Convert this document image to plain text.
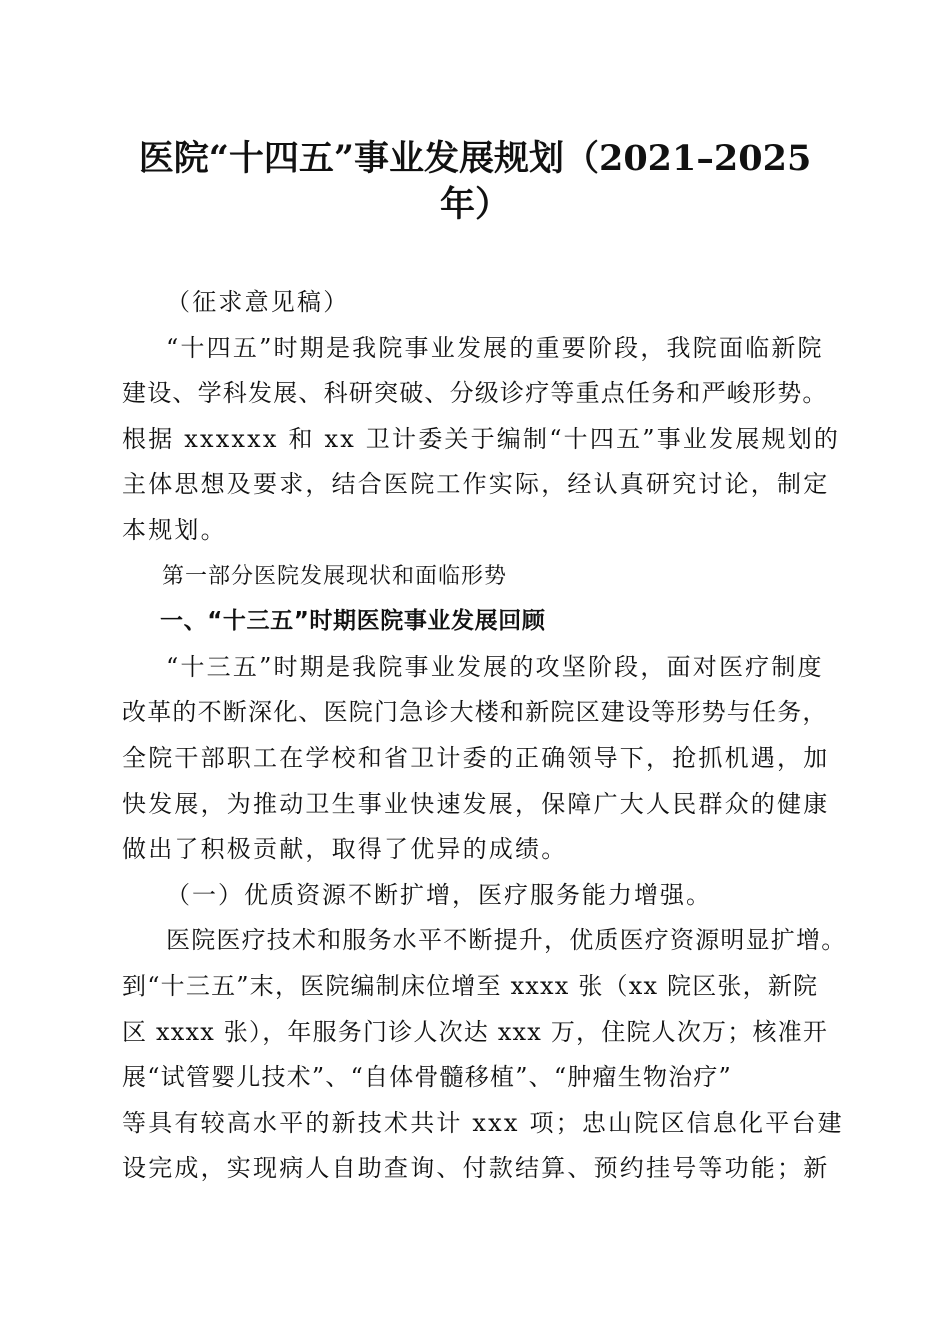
医院“十四五”事业发展规划（2021–2025
年）

（征求意见稿）

“十四五”时期是我院事业发展的重要阶段，我院面临新院

建设、学科发展、科研突破、分级诊疗等重点任务和严峻形势。

根据 xxxxxx 和 xx 卫计委关于编制“十四五”事业发展规划的

主体思想及要求，结合医院工作实际，经认真研究讨论，制定

本规划。

第一部分医院发展现状和面临形势

一、“十三五”时期医院事业发展回顾

“十三五”时期是我院事业发展的攻坚阶段，面对医疗制度

改革的不断深化、医院门急诊大楼和新院区建设等形势与任务，

全院干部职工在学校和省卫计委的正确领导下，抢抓机遇，加

快发展，为推动卫生事业快速发展，保障广大人民群众的健康

做出了积极贡献，取得了优异的成绩。

（一）优质资源不断扩增，医疗服务能力增强。

医院医疗技术和服务水平不断提升，优质医疗资源明显扩增。

到“十三五”末，医院编制床位增至 xxxx 张（xx 院区张，新院

区 xxxx 张），年服务门诊人次达 xxx 万，住院人次万；核准开

展“试管婴儿技术”、“自体骨髓移植”、“肿瘤生物治疗”

等具有较高水平的新技术共计 xxx 项；忠山院区信息化平台建

设完成，实现病人自助查询、付款结算、预约挂号等功能；新
